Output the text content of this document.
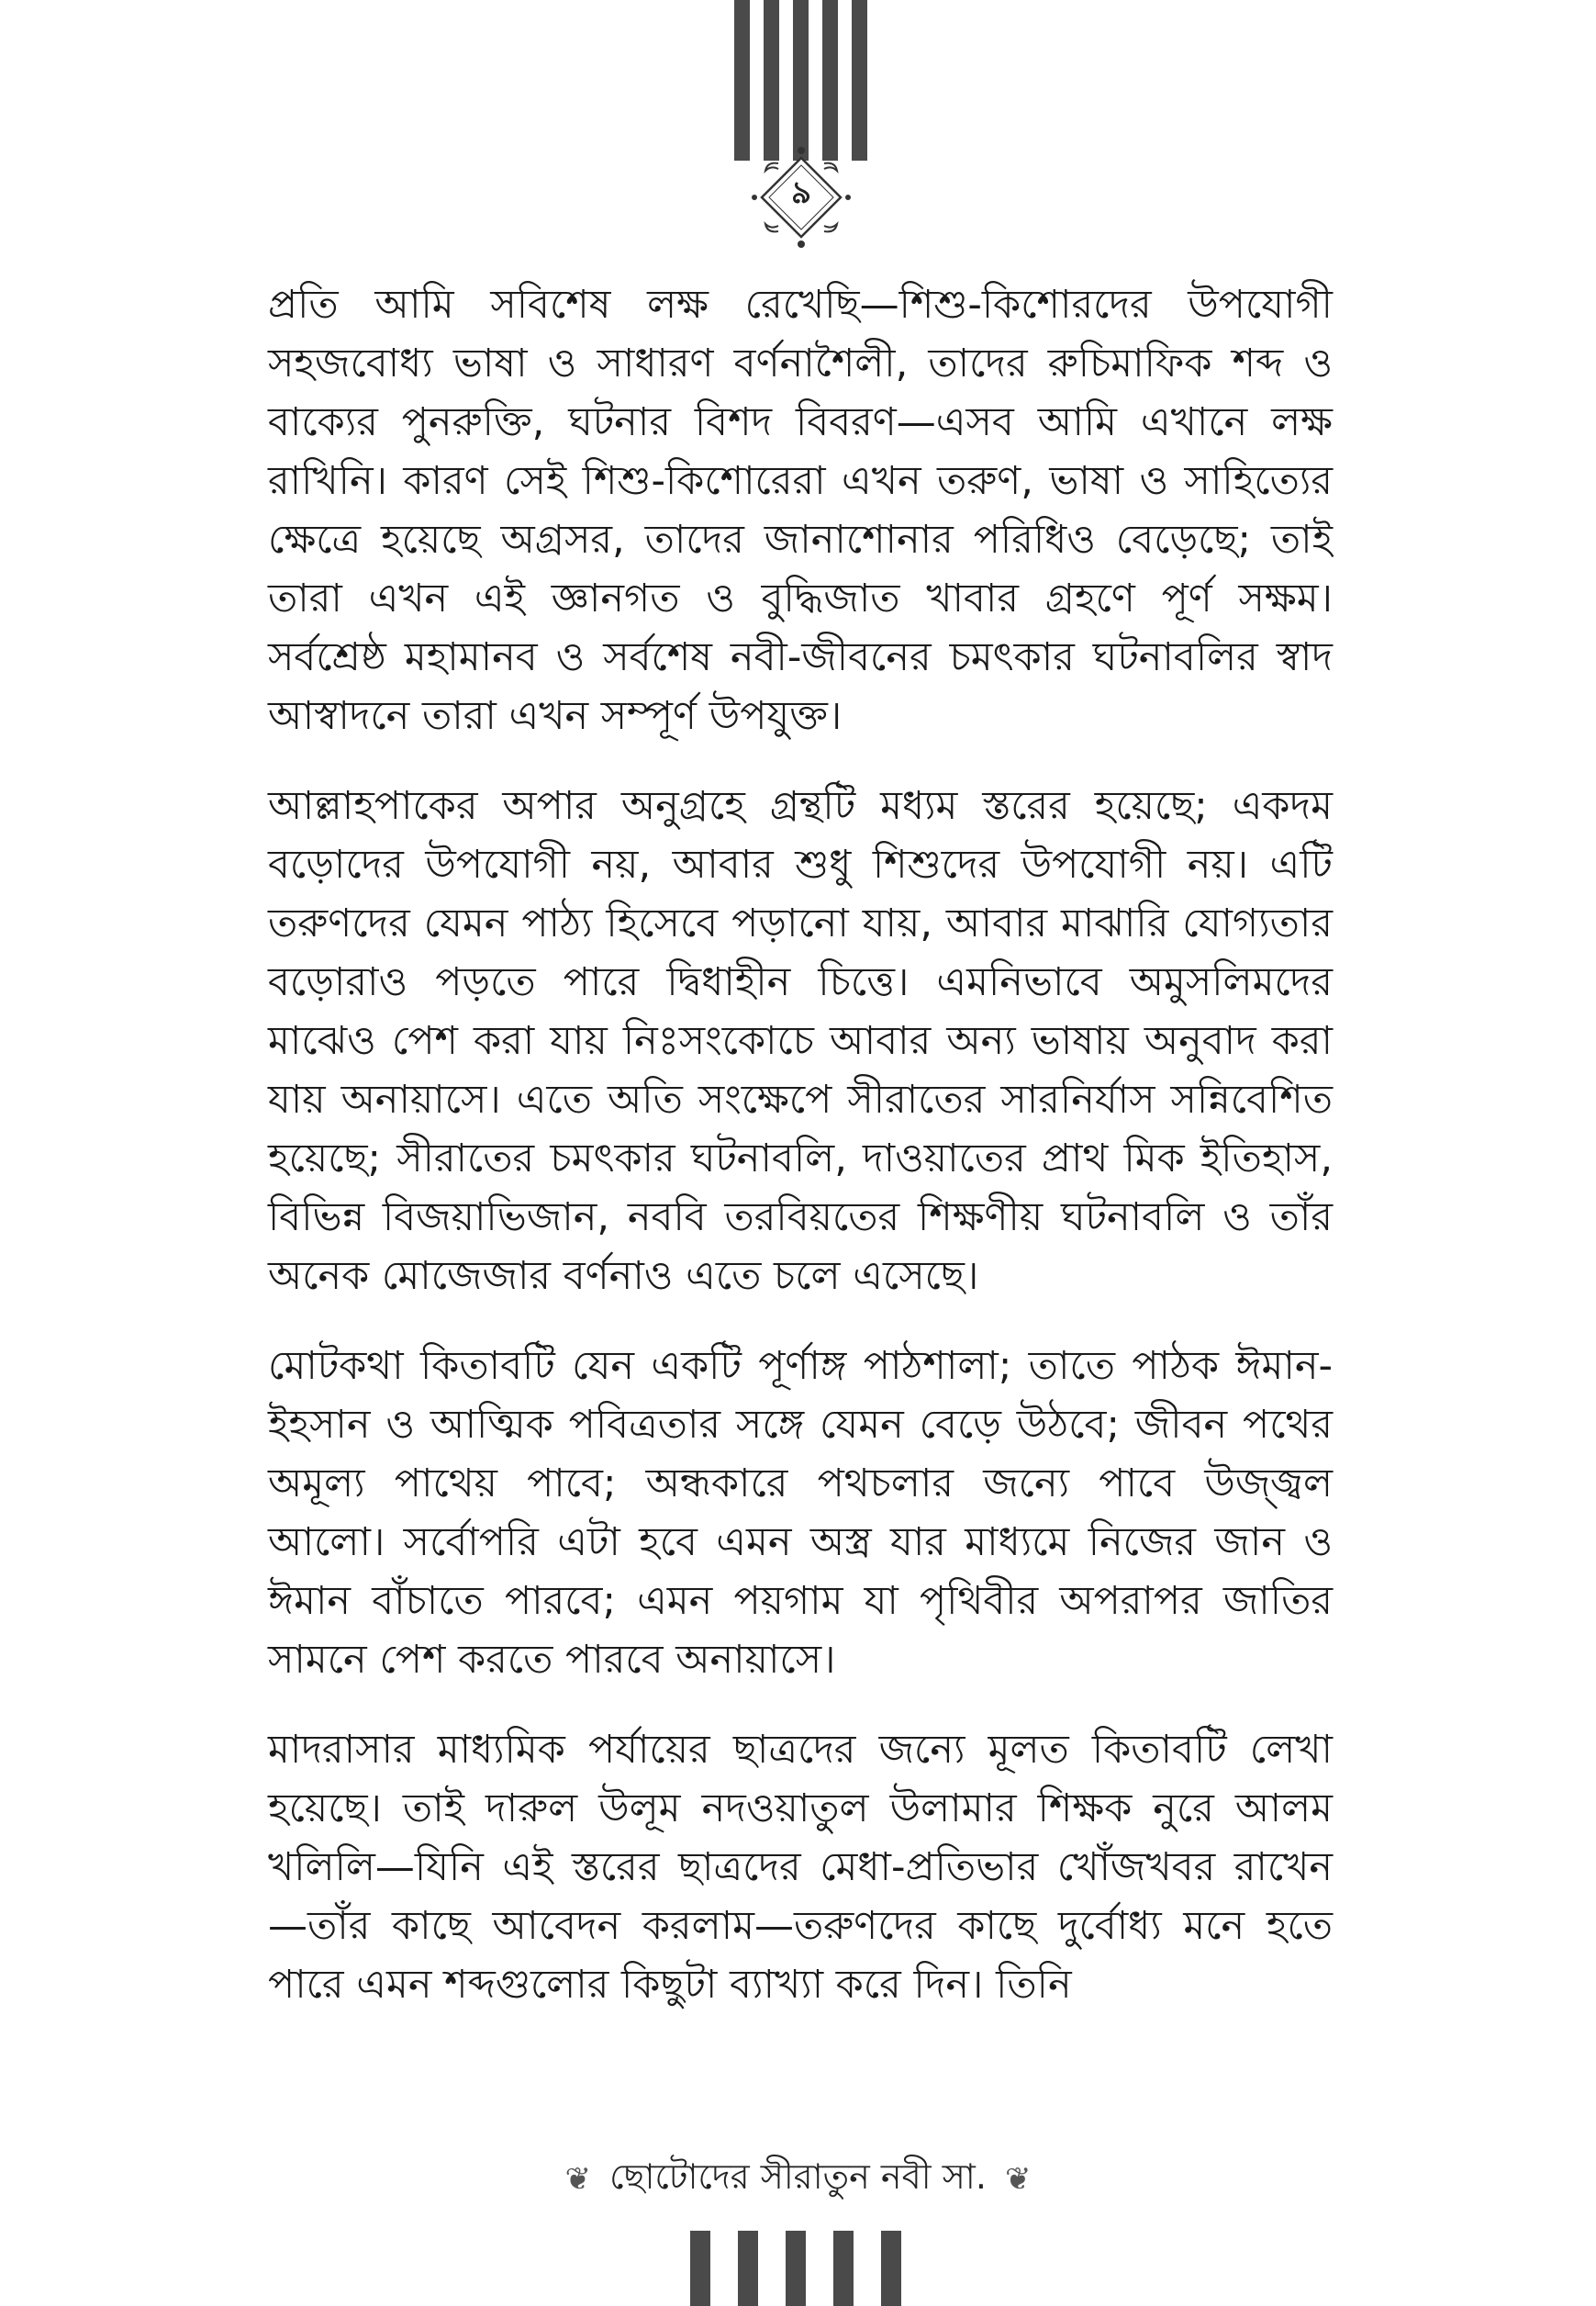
৯

প্রতি আমি সবিশেষ লক্ষ রেখেছি—শিশু-কিশোরদের উপযোগী সহজবোধ্য ভাষা ও সাধারণ বর্ণনাশৈলী, তাদের রুচিমাফিক শব্দ ও বাক্যের পুনরুক্তি, ঘটনার বিশদ বিবরণ—এসব আমি এখানে লক্ষ রাখিনি। কারণ সেই শিশু-কিশোরেরা এখন তরুণ, ভাষা ও সাহিত্যের ক্ষেত্রে হয়েছে অগ্রসর, তাদের জানাশোনার পরিধিও বেড়েছে; তাই তারা এখন এই জ্ঞানগত ও বুদ্ধিজাত খাবার গ্রহণে পূর্ণ সক্ষম। সর্বশ্রেষ্ঠ মহামানব ও সর্বশেষ নবী-জীবনের চমৎকার ঘটনাবলির স্বাদ আস্বাদনে তারা এখন সম্পূর্ণ উপযুক্ত।

আল্লাহপাকের অপার অনুগ্রহে গ্রন্থটি মধ্যম স্তরের হয়েছে; একদম বড়োদের উপযোগী নয়, আবার শুধু শিশুদের উপযোগী নয়। এটি তরুণদের যেমন পাঠ্য হিসেবে পড়ানো যায়, আবার মাঝারি যোগ্যতার বড়োরাও পড়তে পারে দ্বিধাহীন চিত্তে। এমনিভাবে অমুসলিমদের মাঝেও পেশ করা যায় নিঃসংকোচে আবার অন্য ভাষায় অনুবাদ করা যায় অনায়াসে। এতে অতি সংক্ষেপে সীরাতের সারনির্যাস সন্নিবেশিত হয়েছে; সীরাতের চমৎকার ঘটনাবলি, দাওয়াতের প্রাথ মিক ইতিহাস, বিভিন্ন বিজয়াভিজান, নববি তরবিয়তের শিক্ষণীয় ঘটনাবলি ও তাঁর অনেক মোজেজার বর্ণনাও এতে চলে এসেছে।

মোটকথা কিতাবটি যেন একটি পূর্ণাঙ্গ পাঠশালা; তাতে পাঠক ঈমান-ইহসান ও আত্মিক পবিত্রতার সঙ্গে যেমন বেড়ে উঠবে; জীবন পথের অমূল্য পাথেয় পাবে; অন্ধকারে পথচলার জন্যে পাবে উজ্জ্বল আলো। সর্বোপরি এটা হবে এমন অস্ত্র যার মাধ্যমে নিজের জান ও ঈমান বাঁচাতে পারবে; এমন পয়গাম যা পৃথিবীর অপরাপর জাতির সামনে পেশ করতে পারবে অনায়াসে।

মাদরাসার মাধ্যমিক পর্যায়ের ছাত্রদের জন্যে মূলত কিতাবটি লেখা হয়েছে। তাই দারুল উলূম নদওয়াতুল উলামার শিক্ষক নুরে আলম খলিলি—যিনি এই স্তরের ছাত্রদের মেধা-প্রতিভার খোঁজখবর রাখেন—তাঁর কাছে আবেদন করলাম—তরুণদের কাছে দুর্বোধ্য মনে হতে পারে এমন শব্দগুলোর কিছুটা ব্যাখ্যা করে দিন। তিনি

❦ ছোটোদের সীরাতুন নবী সা. ❦
